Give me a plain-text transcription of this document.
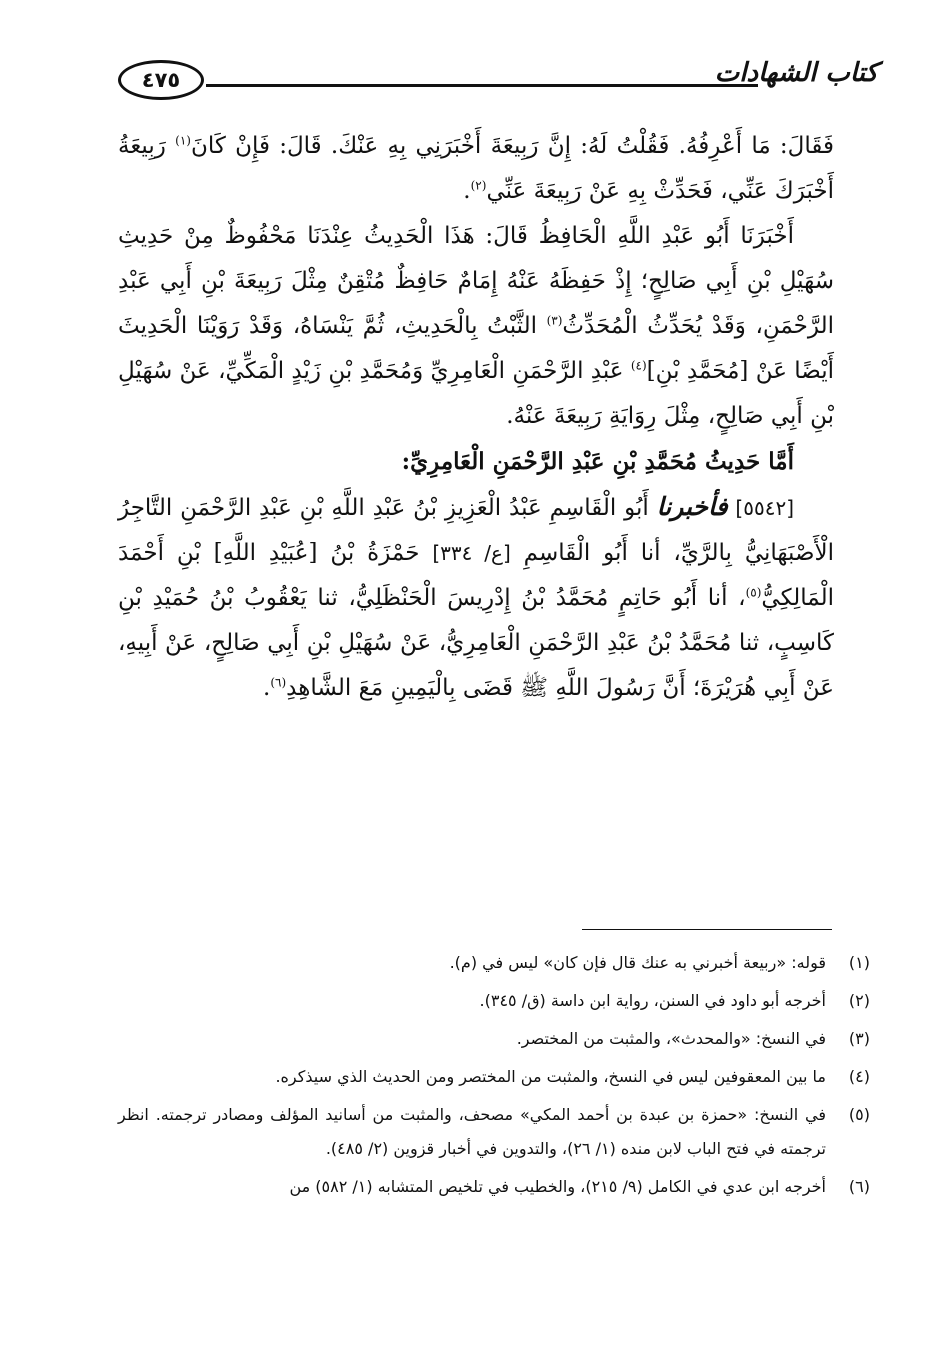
كتاب الشهادات
٤٧٥

فَقَالَ: مَا أَعْرِفُهُ. فَقُلْتُ لَهُ: إِنَّ رَبِيعَةَ أَخْبَرَنِي بِهِ عَنْكَ. قَالَ: فَإِنْ كَانَ$^{(١)}$ رَبِيعَةُ أَخْبَرَكَ عَنِّي، فَحَدِّثْ بِهِ عَنْ رَبِيعَةَ عَنِّي$^{(٢)}$.

أَخْبَرَنَا أَبُو عَبْدِ اللَّهِ الْحَافِظُ قَالَ: هَذَا الْحَدِيثُ عِنْدَنَا مَحْفُوظٌ مِنْ حَدِيثِ سُهَيْلِ بْنِ أَبِي صَالِحٍ؛ إِذْ حَفِظَهُ عَنْهُ إِمَامٌ حَافِظٌ مُتْقِنٌ مِثْلَ رَبِيعَةَ بْنِ أَبِي عَبْدِ الرَّحْمَنِ، وَقَدْ يُحَدِّثُ الْمُحَدِّثُ$^{(٣)}$ الثَّبْتُ بِالْحَدِيثِ، ثُمَّ يَنْسَاهُ، وَقَدْ رَوَيْنَا الْحَدِيثَ أَيْضًا عَنْ [مُحَمَّدِ بْنِ]$^{(٤)}$ عَبْدِ الرَّحْمَنِ الْعَامِرِيِّ وَمُحَمَّدِ بْنِ زَيْدٍ الْمَكِّيِّ، عَنْ سُهَيْلِ بْنِ أَبِي صَالِحٍ، مِثْلَ رِوَايَةِ رَبِيعَةَ عَنْهُ.

أَمَّا حَدِيثُ مُحَمَّدِ بْنِ عَبْدِ الرَّحْمَنِ الْعَامِرِيِّ:

[٥٥٤٢] فأخبرنا أَبُو الْقَاسِمِ عَبْدُ الْعَزِيزِ بْنُ عَبْدِ اللَّهِ بْنِ عَبْدِ الرَّحْمَنِ التَّاجِرُ الْأَصْبَهَانِيُّ بِالرَّيِّ، أنا أَبُو الْقَاسِمِ [ع/ ٣٣٤] حَمْزَةُ بْنُ [عُبَيْدِ اللَّهِ] بْنِ أَحْمَدَ الْمَالِكِيُّ$^{(٥)}$، أنا أَبُو حَاتِمٍ مُحَمَّدُ بْنُ إِدْرِيسَ الْحَنْظَلِيُّ، ثنا يَعْقُوبُ بْنُ حُمَيْدِ بْنِ كَاسِبٍ، ثنا مُحَمَّدُ بْنُ عَبْدِ الرَّحْمَنِ الْعَامِرِيُّ، عَنْ سُهَيْلِ بْنِ أَبِي صَالِحٍ، عَنْ أَبِيهِ، عَنْ أَبِي هُرَيْرَةَ؛ أَنَّ رَسُولَ اللَّهِ ﷺ قَضَى بِالْيَمِينِ مَعَ الشَّاهِدِ$^{(٦)}$.

(١)
قوله: «ربيعة أخبرني به عنك قال فإن كان» ليس في (م).
(٢)
أخرجه أبو داود في السنن، رواية ابن داسة (ق/ ٣٤٥).
(٣)
في النسخ: «والمحدث»، والمثبت من المختصر.
(٤)
ما بين المعقوفين ليس في النسخ، والمثبت من المختصر ومن الحديث الذي سيذكره.
(٥)
في النسخ: «حمزة بن عبدة بن أحمد المكي» مصحف، والمثبت من أسانيد المؤلف ومصادر ترجمته. انظر ترجمته في فتح الباب لابن منده (١/ ٢٦)، والتدوين في أخبار قزوين (٢/ ٤٨٥).
(٦)
أخرجه ابن عدي في الكامل (٩/ ٢١٥)، والخطيب في تلخيص المتشابه (١/ ٥٨٢) من
